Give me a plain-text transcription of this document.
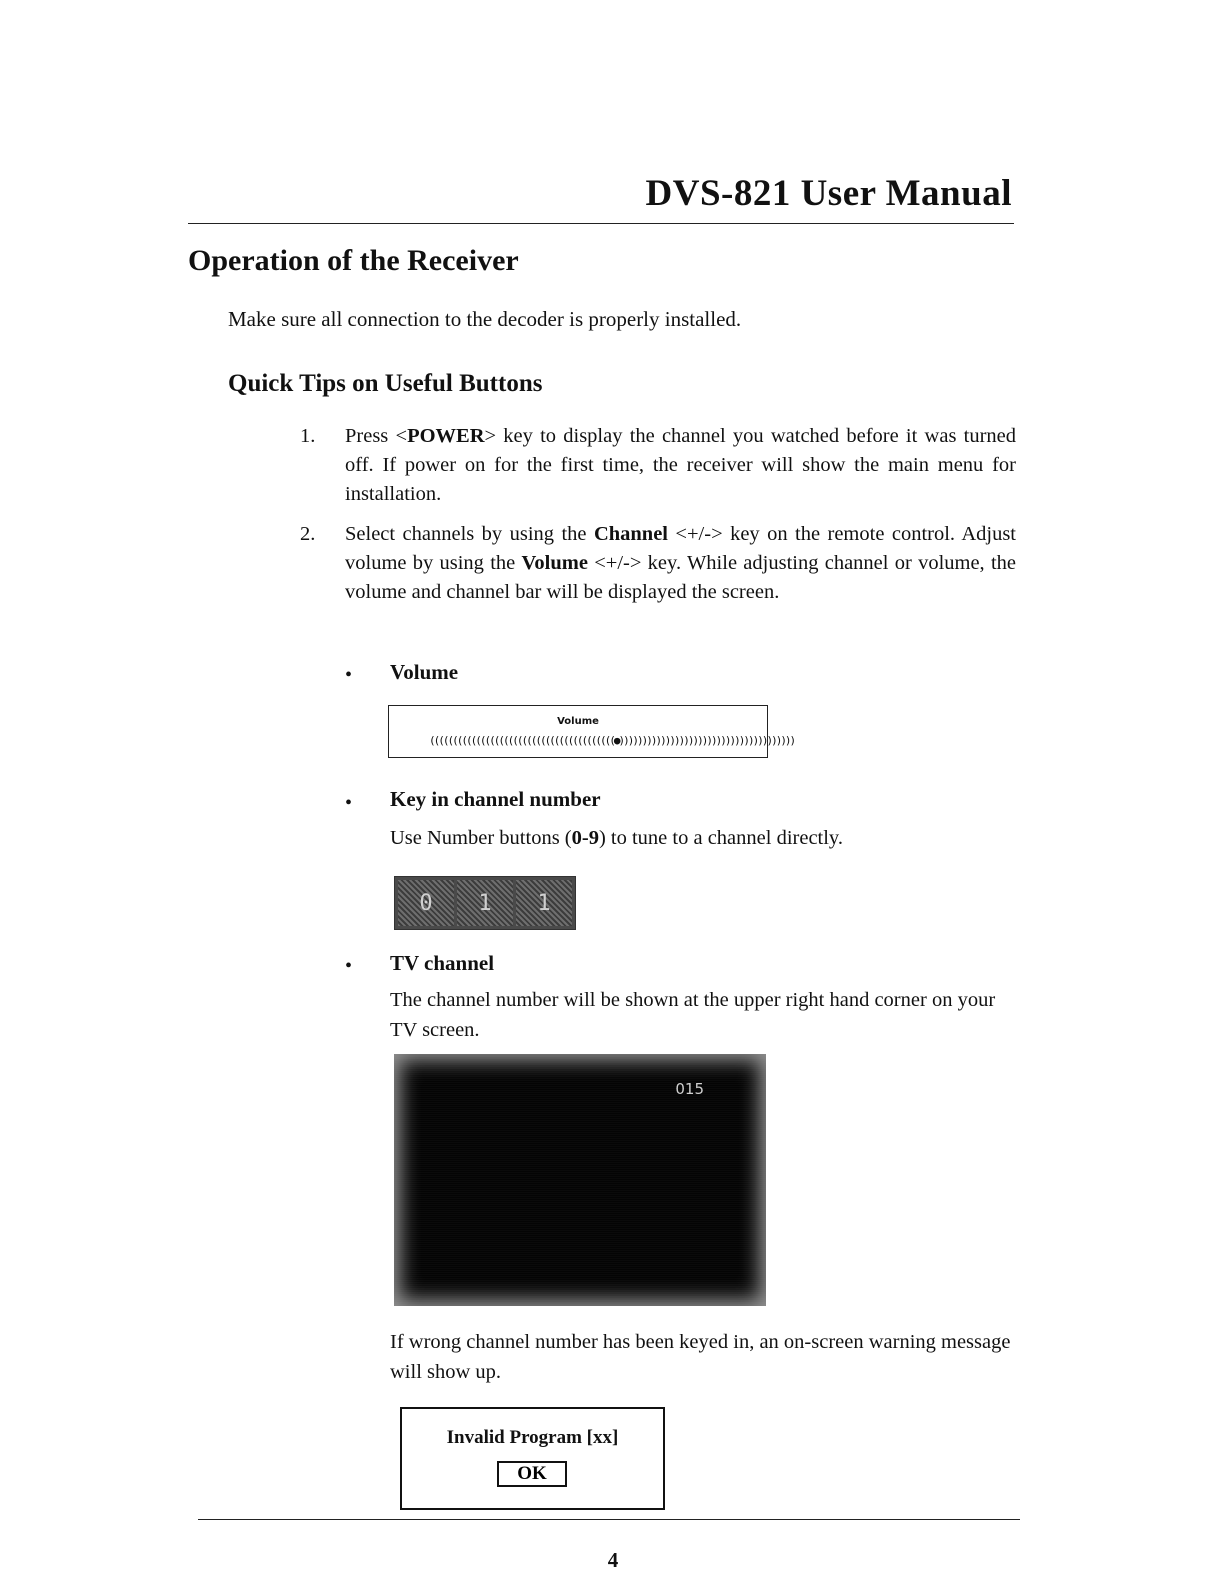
DVS-821 User Manual
Operation of the Receiver
Make sure all connection to the decoder is properly installed.
Quick Tips on Useful Buttons
1. Press <POWER> key to display the channel you watched before it was turned off. If power on for the first time, the receiver will show the main menu for installation.
2. Select channels by using the Channel <+/-> key on the remote control. Adjust volume by using the Volume <+/-> key. While adjusting channel or volume, the volume and channel bar will be displayed the screen.
• Volume
Volume
((((((((((((((((((((((((((((((((((((((((●))))))))))))))))))))))))))))))))))))))
• Key in channel number
Use Number buttons (0-9) to tune to a channel directly.
0	1	1
• TV channel
The channel number will be shown at the upper right hand corner on your TV screen.
015
If wrong channel number has been keyed in, an on-screen warning message will show up.
Invalid Program [xx]
OK
4
